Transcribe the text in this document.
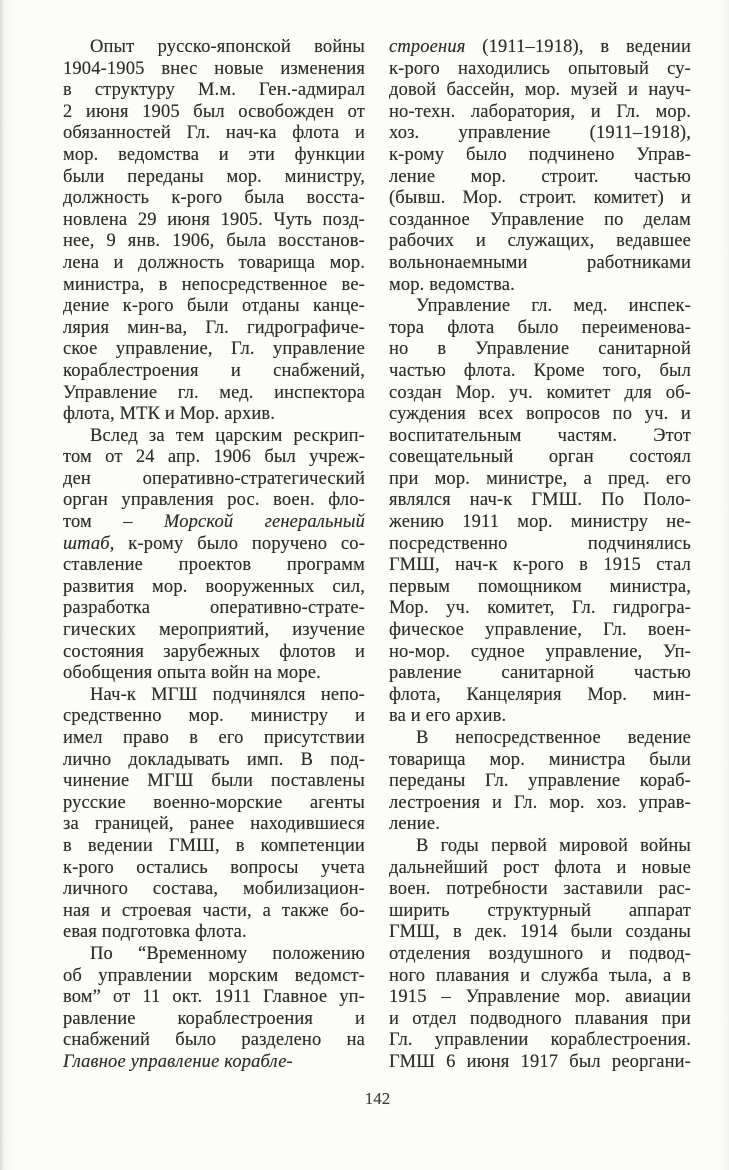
Опыт русско-японской войны
1904-1905 внес новые изменения
в структуру М.м. Ген.-адмирал
2 июня 1905 был освобожден от
обязанностей Гл. нач-ка флота и
мор. ведомства и эти функции
были переданы мор. министру,
должность к-рого была восста-
новлена 29 июня 1905. Чуть позд-
нее, 9 янв. 1906, была восстанов-
лена и должность товарища мор.
министра, в непосредственное ве-
дение к-рого были отданы канце-
лярия мин-ва, Гл. гидрографиче-
ское управление, Гл. управление
кораблестроения и снабжений,
Управление гл. мед. инспектора
флота, МТК и Мор. архив.
Вслед за тем царским рескрип-
том от 24 апр. 1906 был учреж-
ден оперативно-стратегический
орган управления рос. воен. фло-
том – Морской генеральный
штаб, к-рому было поручено со-
ставление проектов программ
развития мор. вооруженных сил,
разработка оперативно-страте-
гических мероприятий, изучение
состояния зарубежных флотов и
обобщения опыта войн на море.
Нач-к МГШ подчинялся непо-
средственно мор. министру и
имел право в его присутствии
лично докладывать имп. В под-
чинение МГШ были поставлены
русские военно-морские агенты
за границей, ранее находившиеся
в ведении ГМШ, в компетенции
к-рого остались вопросы учета
личного состава, мобилизацион-
ная и строевая части, а также бо-
евая подготовка флота.
По “Временному положению
об управлении морским ведомст-
вом” от 11 окт. 1911 Главное уп-
равление кораблестроения и
снабжений было разделено на
Главное управление корабле-
строения (1911–1918), в ведении
к-рого находились опытовый су-
довой бассейн, мор. музей и науч-
но-техн. лаборатория, и Гл. мор.
хоз. управление (1911–1918),
к-рому было подчинено Управ-
ление мор. строит. частью
(бывш. Мор. строит. комитет) и
созданное Управление по делам
рабочих и служащих, ведавшее
вольнонаемными работниками
мор. ведомства.
Управление гл. мед. инспек-
тора флота было переименова-
но в Управление санитарной
частью флота. Кроме того, был
создан Мор. уч. комитет для об-
суждения всех вопросов по уч. и
воспитательным частям. Этот
совещательный орган состоял
при мор. министре, а пред. его
являлся нач-к ГМШ. По Поло-
жению 1911 мор. министру не-
посредственно подчинялись
ГМШ, нач-к к-рого в 1915 стал
первым помощником министра,
Мор. уч. комитет, Гл. гидрогра-
фическое управление, Гл. воен-
но-мор. судное управление, Уп-
равление санитарной частью
флота, Канцелярия Мор. мин-
ва и его архив.
В непосредственное ведение
товарища мор. министра были
переданы Гл. управление кораб-
лестроения и Гл. мор. хоз. управ-
ление.
В годы первой мировой войны
дальнейший рост флота и новые
воен. потребности заставили рас-
ширить структурный аппарат
ГМШ, в дек. 1914 были созданы
отделения воздушного и подвод-
ного плавания и служба тыла, а в
1915 – Управление мор. авиации
и отдел подводного плавания при
Гл. управлении кораблестроения.
ГМШ 6 июня 1917 был реоргани-
142
